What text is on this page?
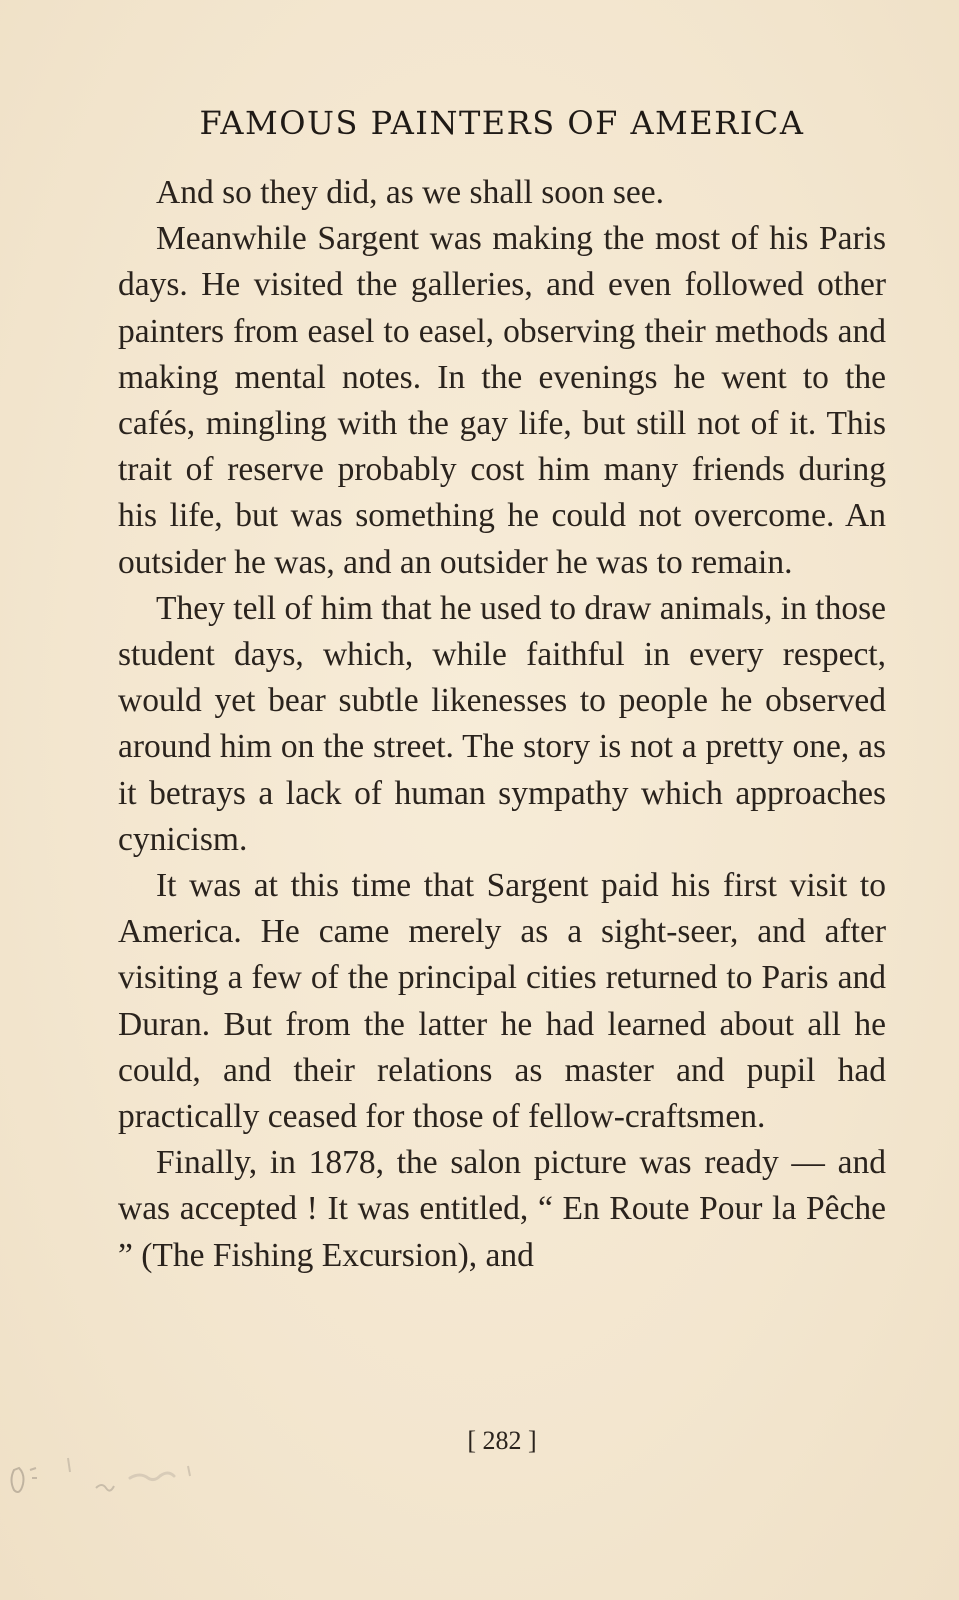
FAMOUS PAINTERS OF AMERICA

And so they did, as we shall soon see.

Meanwhile Sargent was making the most of his Paris days. He visited the galleries, and even followed other painters from easel to easel, observing their methods and making mental notes. In the evenings he went to the cafés, mingling with the gay life, but still not of it. This trait of reserve probably cost him many friends during his life, but was something he could not overcome. An outsider he was, and an outsider he was to remain.

They tell of him that he used to draw animals, in those student days, which, while faithful in every respect, would yet bear subtle likenesses to people he observed around him on the street. The story is not a pretty one, as it betrays a lack of human sympathy which approaches cynicism.

It was at this time that Sargent paid his first visit to America. He came merely as a sight-seer, and after visiting a few of the principal cities returned to Paris and Duran. But from the latter he had learned about all he could, and their relations as master and pupil had practically ceased for those of fellow-craftsmen.

Finally, in 1878, the salon picture was ready — and was accepted ! It was entitled, “ En Route Pour la Pêche ” (The Fishing Excursion), and

[ 282 ]
